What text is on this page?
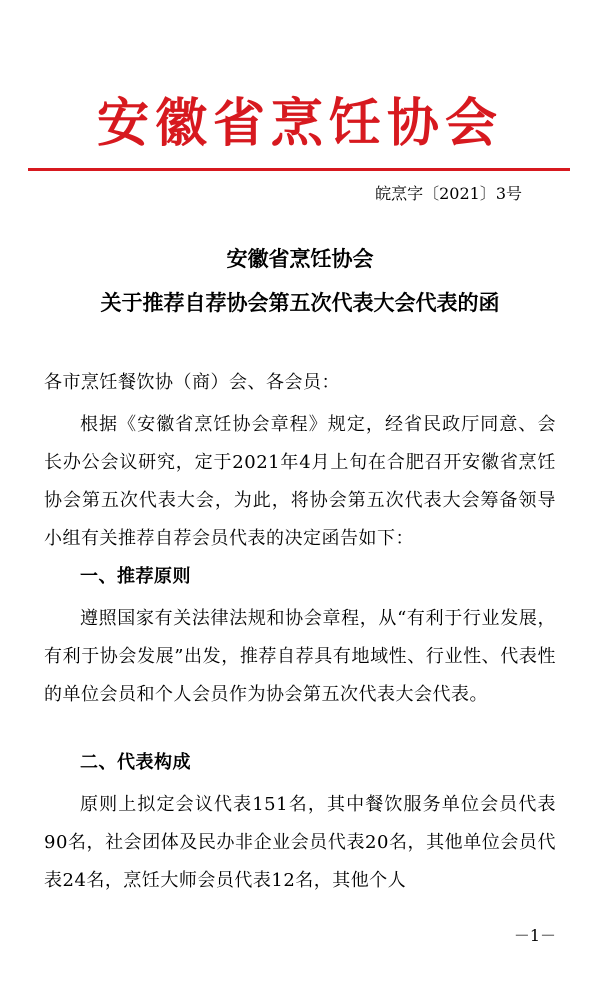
安徽省烹饪协会
皖烹字〔2021〕3号
安徽省烹饪协会
关于推荐自荐协会第五次代表大会代表的函

各市烹饪餐饮协（商）会、各会员：

根据《安徽省烹饪协会章程》规定，经省民政厅同意、会长办公会议研究，定于2021年4月上旬在合肥召开安徽省烹饪协会第五次代表大会，为此，将协会第五次代表大会筹备领导小组有关推荐自荐会员代表的决定函告如下：

一、推荐原则

遵照国家有关法律法规和协会章程，从“有利于行业发展，有利于协会发展”出发，推荐自荐具有地域性、行业性、代表性的单位会员和个人会员作为协会第五次代表大会代表。

二、代表构成

原则上拟定会议代表151名，其中餐饮服务单位会员代表90名，社会团体及民办非企业会员代表20名，其他单位会员代表24名，烹饪大师会员代表12名，其他个人

－1－
